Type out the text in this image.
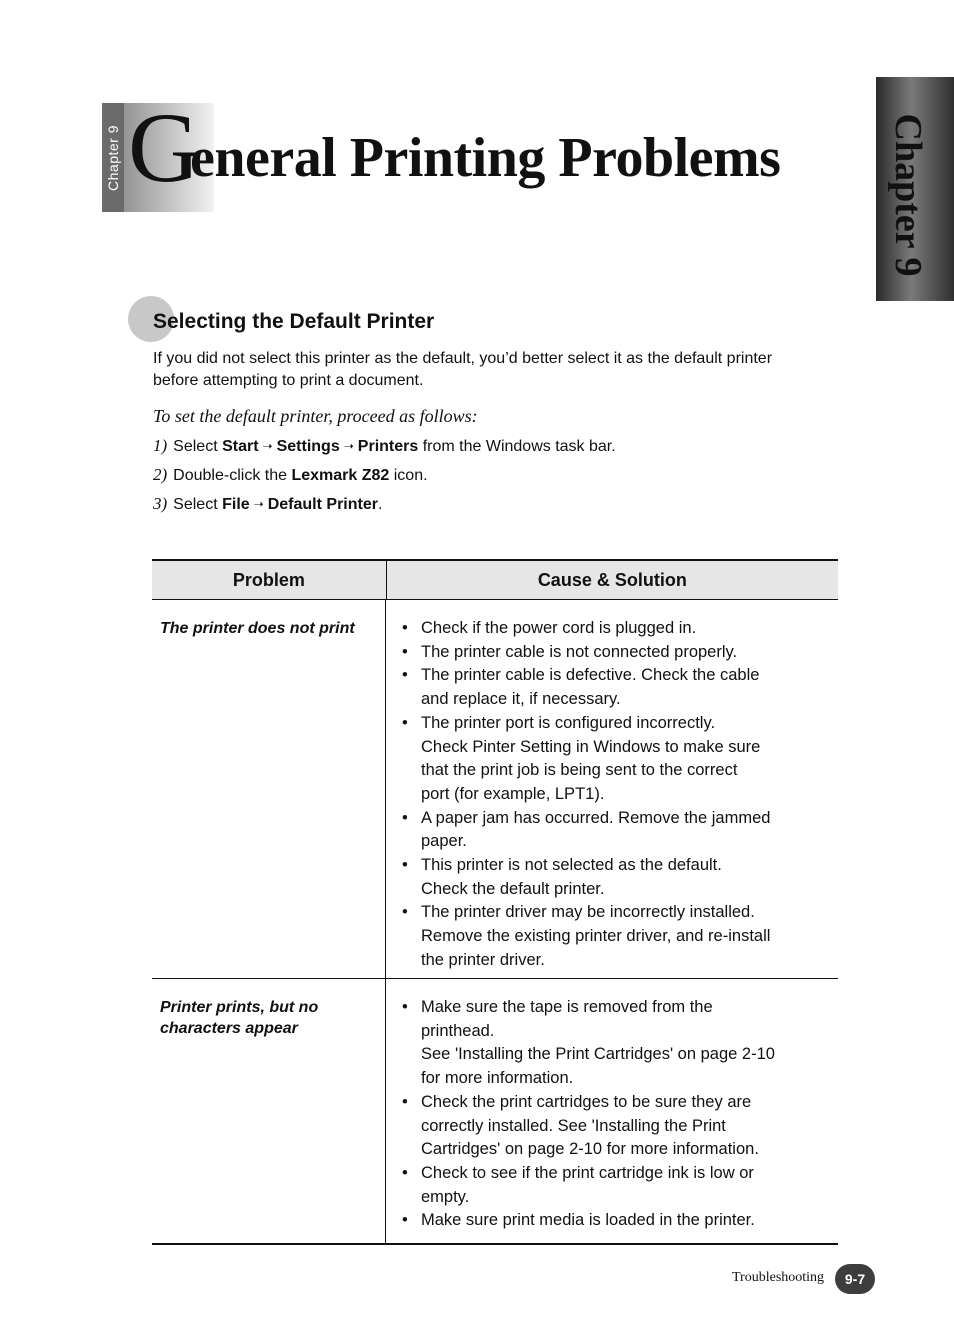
Chapter 9 G
eneral Printing Problems	Chapter 9
Selecting the Default Printer
If you did not select this printer as the default, you’d better select it as the default printer before attempting to print a document.
To set the default printer, proceed as follows:
1) Select Start ➝ Settings ➝ Printers from the Windows task bar.
2) Double-click the Lexmark Z82 icon.
3) Select File ➝ Default Printer.
Problem	Cause & Solution
The printer does not print
•	Check if the power cord is plugged in.
• The printer cable is not connected properly.
• The printer cable is defective. Check the cable
and replace it, if necessary.
• The printer port is configured incorrectly.
Check Pinter Setting in Windows to make sure
that the print job is being sent to the correct
port (for example, LPT1).
• A paper jam has occurred. Remove the jammed
paper.
• This printer is not selected as the default.
Check the default printer.
• The printer driver may be incorrectly installed.
Remove the existing printer driver, and re-install
the printer driver.
Printer prints, but no characters appear
• Make sure the tape is removed from the
printhead.
See 'Installing the Print Cartridges' on page 2-10
for more information.
• Check the print cartridges to be sure they are
correctly installed. See 'Installing the Print
Cartridges' on page 2-10 for more information.
• Check to see if the print cartridge ink is low or
empty.
• Make sure print media is loaded in the printer.
Troubleshooting	9-7
